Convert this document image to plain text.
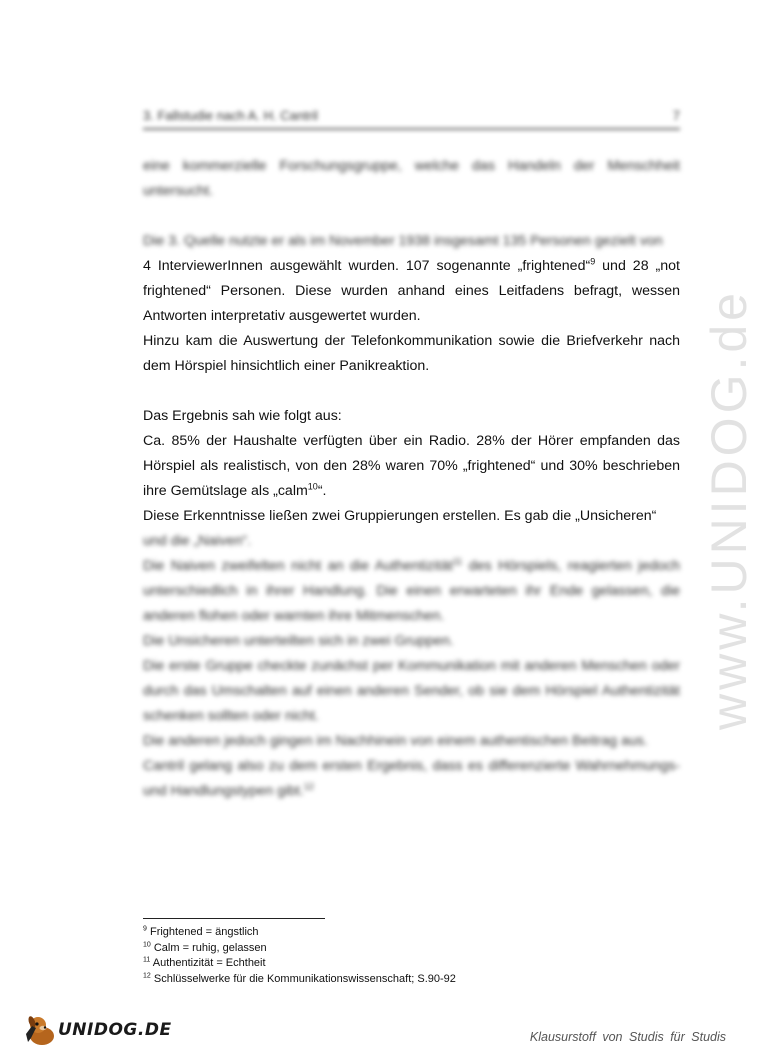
3. Fallstudie nach A. H. Cantril	7

eine kommerzielle Forschungsgruppe, welche das Handeln der Menschheit untersucht.

Die 3. Quelle nutzte er als im November 1938 insgesamt 135 Personen gezielt von
4 InterviewerInnen ausgewählt wurden. 107 sogenannte „frightened“$^9$ und 28 „not frightened“ Personen. Diese wurden anhand eines Leitfadens befragt, wessen Antworten interpretativ ausgewertet wurden.

Hinzu kam die Auswertung der Telefonkommunikation sowie die Briefverkehr nach dem Hörspiel hinsichtlich einer Panikreaktion.

Das Ergebnis sah wie folgt aus:

Ca. 85% der Haushalte verfügten über ein Radio. 28% der Hörer empfanden das Hörspiel als realistisch, von den 28% waren 70% „frightened“ und 30% beschrieben ihre Gemütslage als „calm$^{10}$“.

Diese Erkenntnisse ließen zwei Gruppierungen erstellen. Es gab die „Unsicheren“

und die „Naiven“.

Die Naiven zweifelten nicht an die Authentizität$^{11}$ des Hörspiels, reagierten jedoch unterschiedlich in ihrer Handlung. Die einen erwarteten ihr Ende gelassen, die anderen flohen oder warnten ihre Mitmenschen.

Die Unsicheren unterteilten sich in zwei Gruppen.

Die erste Gruppe checkte zunächst per Kommunikation mit anderen Menschen oder durch das Umschalten auf einen anderen Sender, ob sie dem Hörspiel Authentizität schenken sollten oder nicht.

Die anderen jedoch gingen im Nachhinein von einem authentischen Beitrag aus.

Cantril gelang also zu dem ersten Ergebnis, dass es differenzierte Wahrnehmungs- und Handlungstypen gibt.$^{12}$

www.UNIDOG.de
$^9$ Frightened = ängstlich
$^{10}$ Calm = ruhig, gelassen
$^{11}$ Authentizität = Echtheit
$^{12}$ Schlüsselwerke für die Kommunikationswissenschaft; S.90-92
UNIDOG.DE	Klausurstoff von Studis für Studis
